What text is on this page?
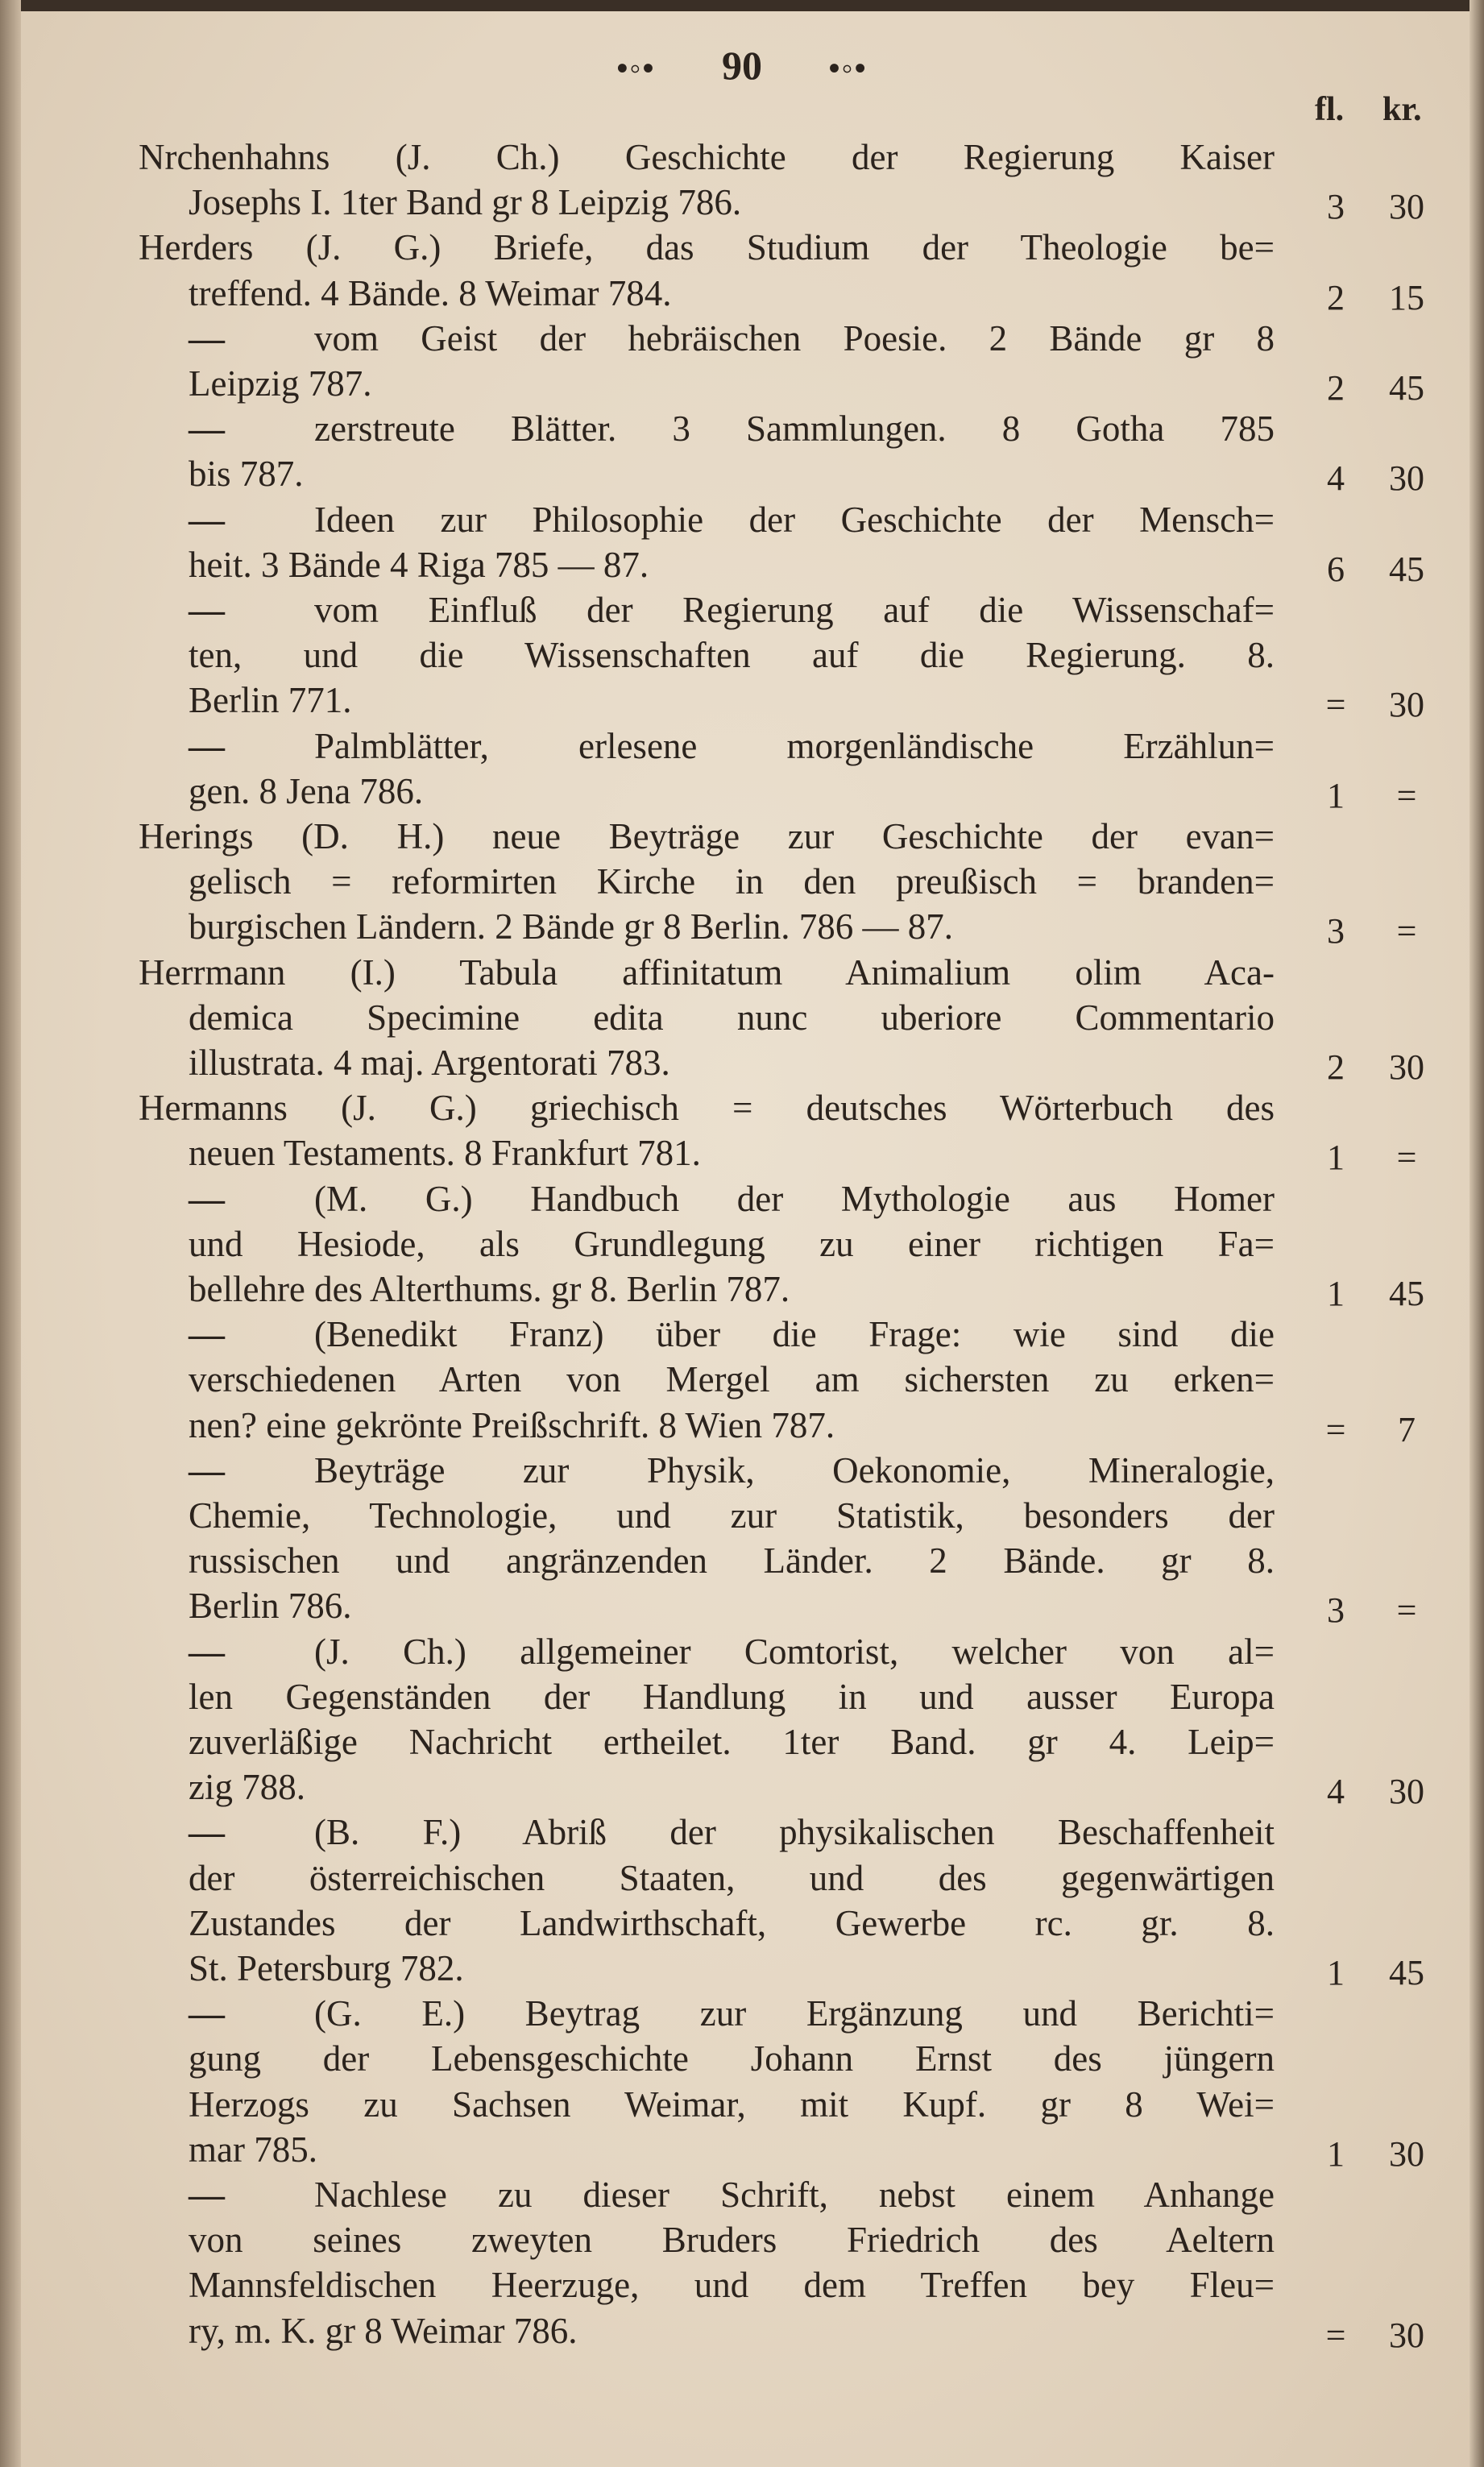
•◦• 90 •◦•
fl. kr.
Nrchenhahns (J. Ch.) Geschichte der Regierung Kaiser
Josephs I. 1ter Band gr 8 Leipzig 786.	3	30
Herders (J. G.) Briefe, das Studium der Theologie be=
treffend. 4 Bände. 8 Weimar 784.	2	15
— vom Geist der hebräischen Poesie. 2 Bände gr 8
Leipzig 787.	2	45
— zerstreute Blätter. 3 Sammlungen. 8 Gotha 785
bis 787.	4	30
— Ideen zur Philosophie der Geschichte der Mensch=
heit. 3 Bände 4 Riga 785 — 87.	6	45
— vom Einfluß der Regierung auf die Wissenschaf=
ten, und die Wissenschaften auf die Regierung. 8.
Berlin 771.	=	30
— Palmblätter, erlesene morgenländische Erzählun=
gen. 8 Jena 786.	1	=
Herings (D. H.) neue Beyträge zur Geschichte der evan=
gelisch = reformirten Kirche in den preußisch = branden=
burgischen Ländern. 2 Bände gr 8 Berlin. 786 — 87.	3	=
Herrmann (I.) Tabula affinitatum Animalium olim Aca-
demica Specimine edita nunc uberiore Commentario
illustrata. 4 maj. Argentorati 783.	2	30
Hermanns (J. G.) griechisch = deutsches Wörterbuch des
neuen Testaments. 8 Frankfurt 781.	1	=
— (M. G.) Handbuch der Mythologie aus Homer
und Hesiode, als Grundlegung zu einer richtigen Fa=
bellehre des Alterthums. gr 8. Berlin 787.	1	45
— (Benedikt Franz) über die Frage: wie sind die
verschiedenen Arten von Mergel am sichersten zu erken=
nen? eine gekrönte Preißschrift. 8 Wien 787.	=	7
— Beyträge zur Physik, Oekonomie, Mineralogie,
Chemie, Technologie, und zur Statistik, besonders der
russischen und angränzenden Länder. 2 Bände. gr 8.
Berlin 786.	3	=
— (J. Ch.) allgemeiner Comtorist, welcher von al=
len Gegenständen der Handlung in und ausser Europa
zuverläßige Nachricht ertheilet. 1ter Band. gr 4. Leip=
zig 788.	4	30
— (B. F.) Abriß der physikalischen Beschaffenheit
der österreichischen Staaten, und des gegenwärtigen
Zustandes der Landwirthschaft, Gewerbe rc. gr. 8.
St. Petersburg 782.	1	45
— (G. E.) Beytrag zur Ergänzung und Berichti=
gung der Lebensgeschichte Johann Ernst des jüngern
Herzogs zu Sachsen Weimar, mit Kupf. gr 8 Wei=
mar 785.	1	30
— Nachlese zu dieser Schrift, nebst einem Anhange
von seines zweyten Bruders Friedrich des Aeltern
Mannsfeldischen Heerzuge, und dem Treffen bey Fleu=
ry, m. K. gr 8 Weimar 786.	=	30
